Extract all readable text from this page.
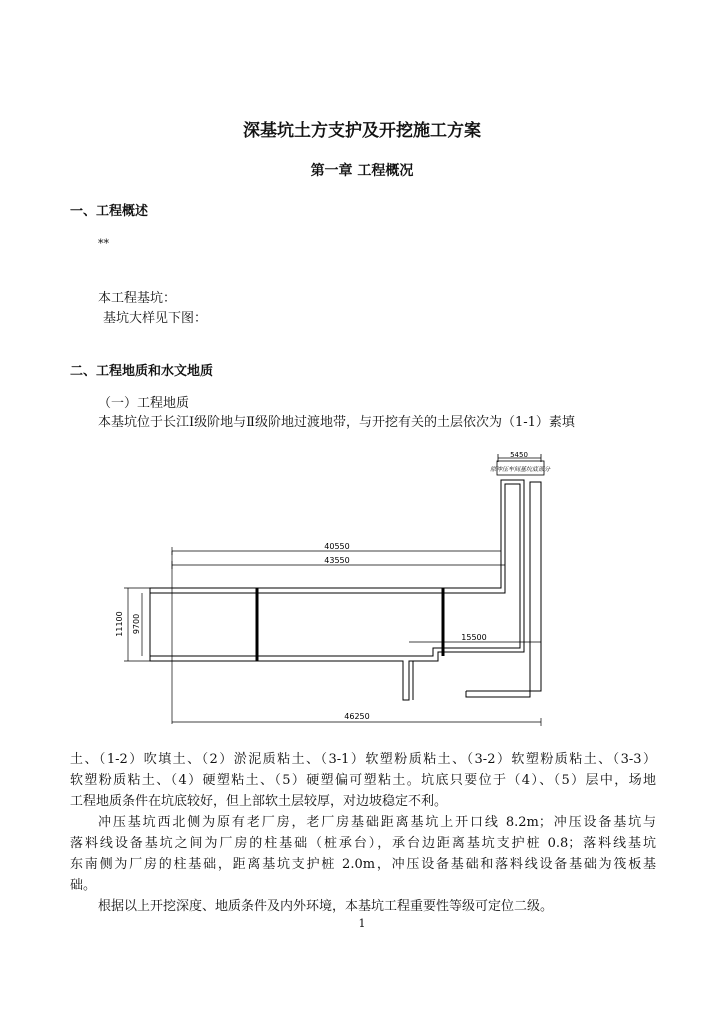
深基坑土方支护及开挖施工方案
第一章 工程概况
一、工程概述
**
本工程基坑：
基坑大样见下图：
二、工程地质和水文地质
（一）工程地质
本基坑位于长江Ⅰ级阶地与Ⅱ级阶地过渡地带，与开挖有关的土层依次为（1-1）素填
5450
原冲压车间基坑底部分
40550
43550
15500
46250
11100 9700
土、（1-2）吹填土、（2）淤泥质粘土、（3-1）软塑粉质粘土、（3-2）软塑粉质粘土、（3-3）
软塑粉质粘土、（4）硬塑粘土、（5）硬塑偏可塑粘土。坑底只要位于（4）、（5）层中，场地
工程地质条件在坑底较好，但上部软土层较厚，对边坡稳定不利。
冲压基坑西北侧为原有老厂房，老厂房基础距离基坑上开口线 8.2m；冲压设备基坑与
落料线设备基坑之间为厂房的柱基础（桩承台），承台边距离基坑支护桩 0.8；落料线基坑
东南侧为厂房的柱基础，距离基坑支护桩 2.0m，冲压设备基础和落料线设备基础为筏板基
础。
根据以上开挖深度、地质条件及内外环境，本基坑工程重要性等级可定位二级。
1
